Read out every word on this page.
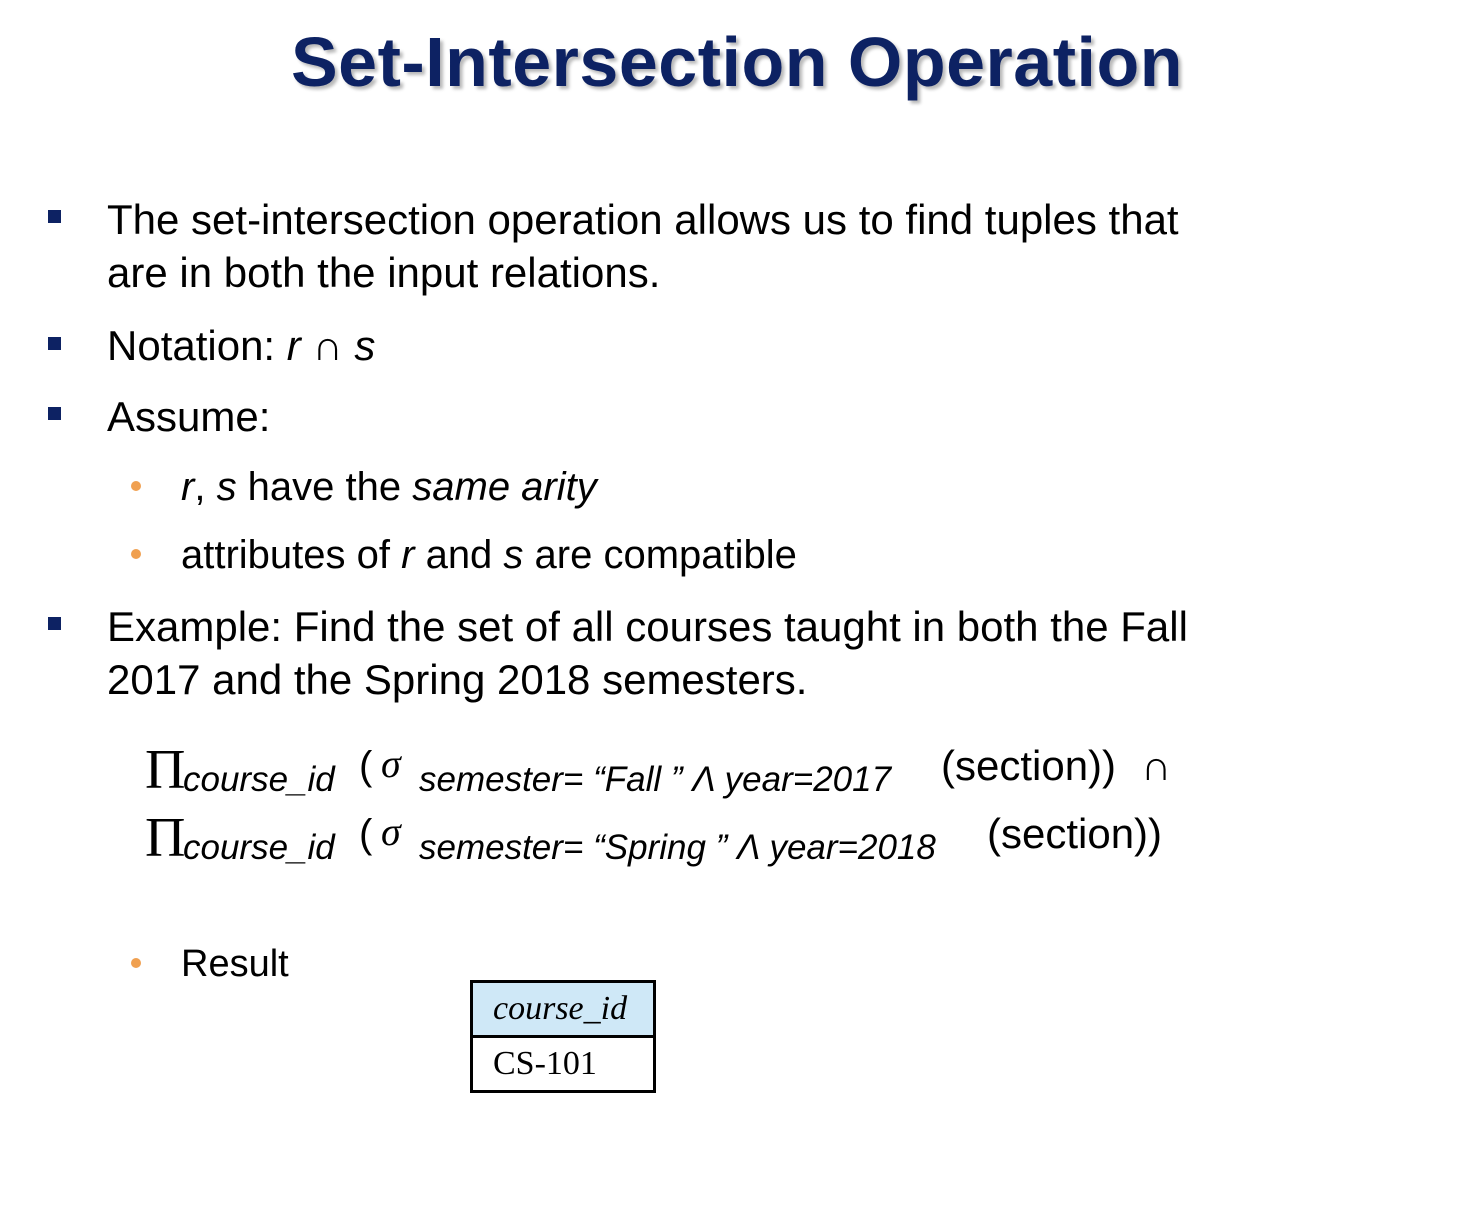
Set-Intersection Operation
The set-intersection operation allows us to find tuples that
are in both the input relations.
Notation: r ∩ s
Assume:
r, s have the same arity
attributes of r and s are compatible
Example: Find the set of all courses taught in both the Fall
2017 and the Spring 2018 semesters.
Π
course_id ( σ semester= “Fall ” Λ year=2017 (section)) ∩
Π
course_id ( σ semester= “Spring ” Λ year=2018 (section))
Result
course_id
CS-101
